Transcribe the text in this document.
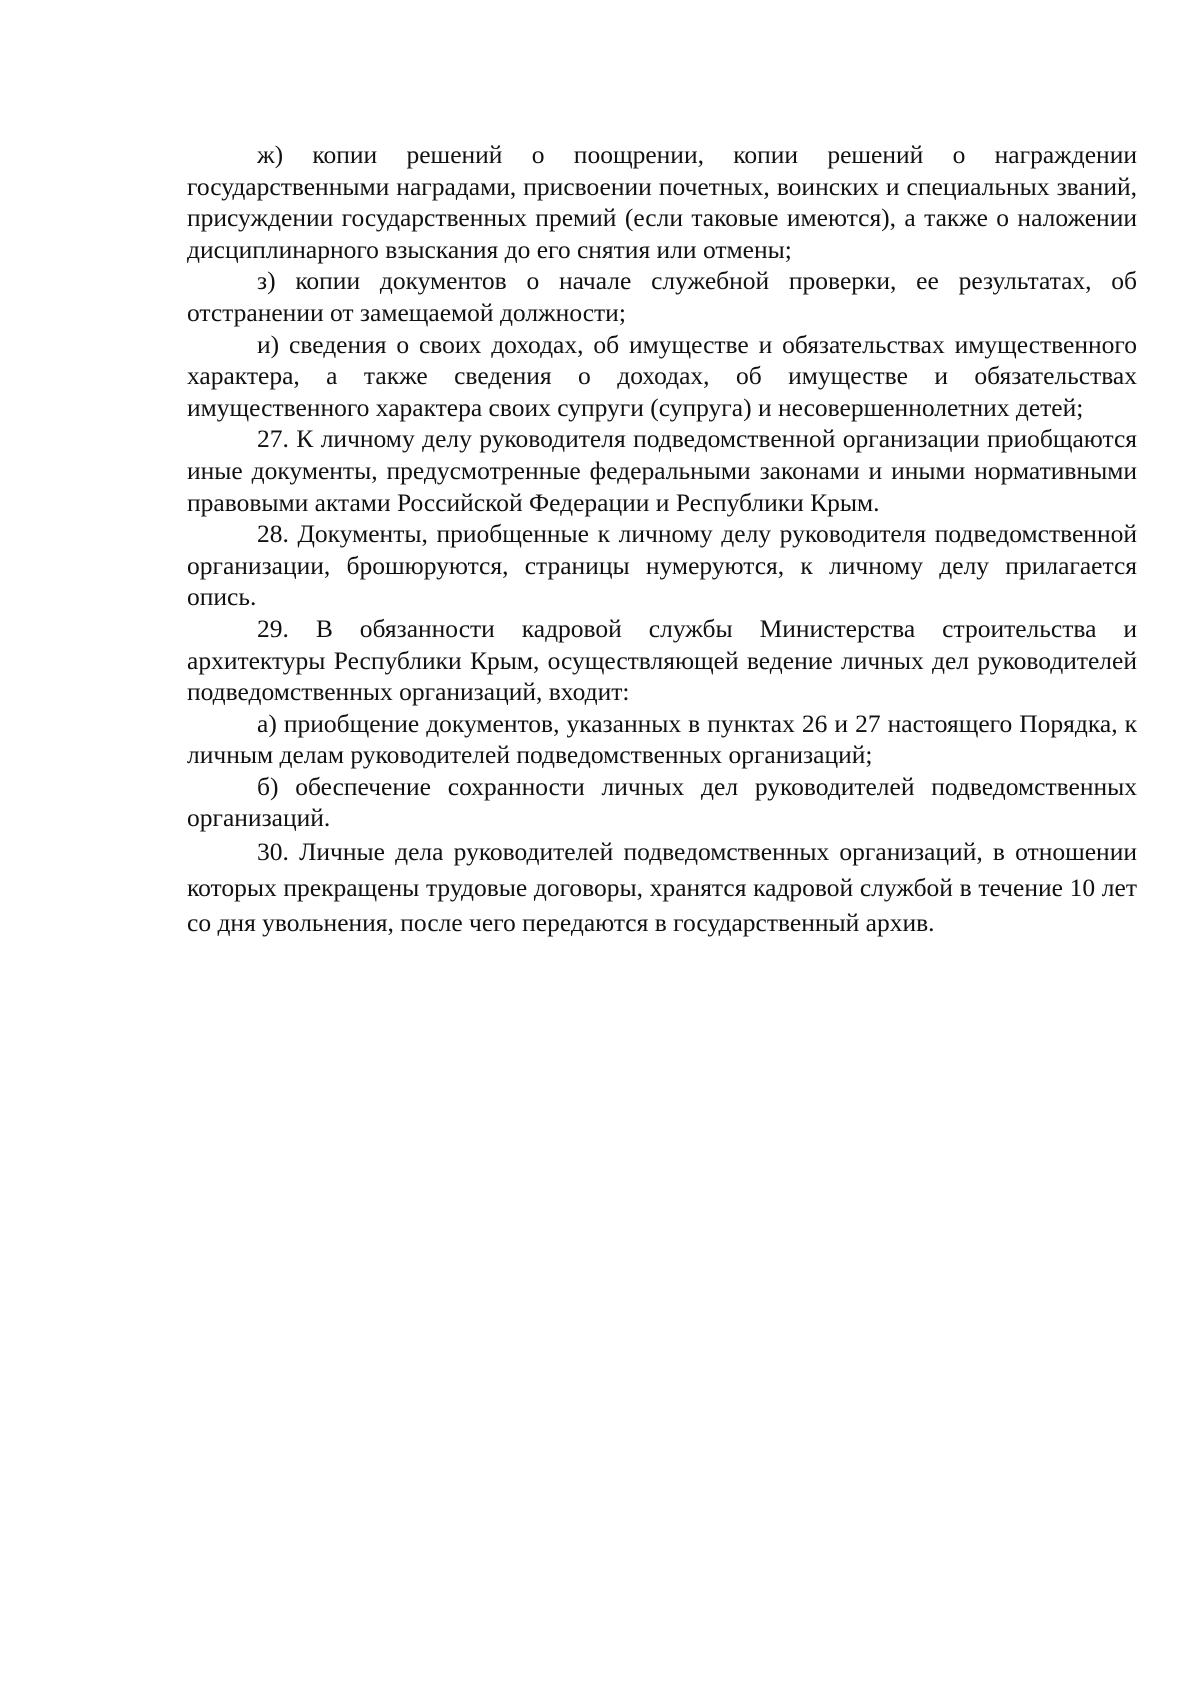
ж) копии решений о поощрении, копии решений о награждении государственными наградами, присвоении почетных, воинских и специальных званий, присуждении государственных премий (если таковые имеются), а также о наложении дисциплинарного взыскания до его снятия или отмены;

з) копии документов о начале служебной проверки, ее результатах, об отстранении от замещаемой должности;

и) сведения о своих доходах, об имуществе и обязательствах имущественного характера, а также сведения о доходах, об имуществе и обязательствах имущественного характера своих супруги (супруга) и несовершеннолетних детей;

27. К личному делу руководителя подведомственной организации приобщаются иные документы, предусмотренные федеральными законами и иными нормативными правовыми актами Российской Федерации и Республики Крым.

28. Документы, приобщенные к личному делу руководителя подведомственной организации, брошюруются, страницы нумеруются, к личному делу прилагается опись.

29. В обязанности кадровой службы Министерства строительства и архитектуры Республики Крым, осуществляющей ведение личных дел руководителей подведомственных организаций, входит:

а) приобщение документов, указанных в пунктах 26 и 27 настоящего Порядка, к личным делам руководителей подведомственных организаций;

б) обеспечение сохранности личных дел руководителей подведомственных организаций.

30. Личные дела руководителей подведомственных организаций, в отношении которых прекращены трудовые договоры, хранятся кадровой службой в течение 10 лет со дня увольнения, после чего передаются в государственный архив.
